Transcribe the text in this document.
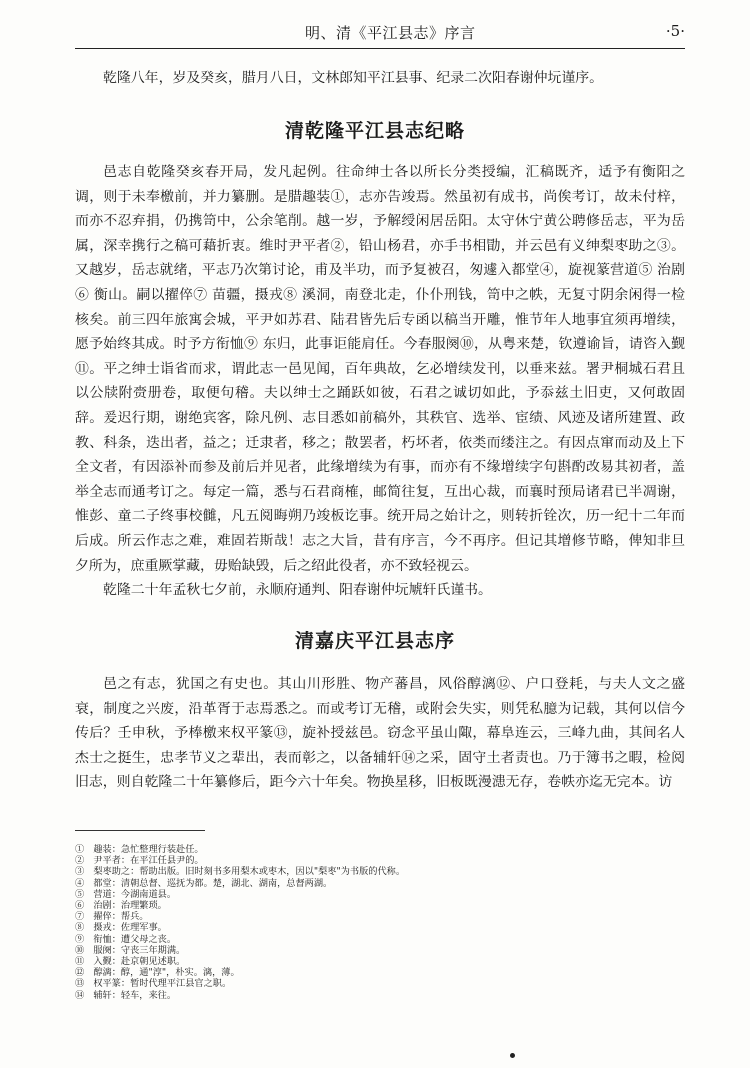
明、清《平江县志》序言	·5·

乾隆八年，岁及癸亥，腊月八日，文林郎知平江县事、纪录二次阳春谢仲坃谨序。

清乾隆平江县志纪略

邑志自乾隆癸亥春开局，发凡起例。往命绅士各以所长分类授编，汇稿既齐，适予有衡阳之调，则于未奉檄前，并力纂删。是腊趣装①，志亦告竣焉。然虽初有成书，尚俟考订，故未付梓，而亦不忍弃捐，仍携笥中，公余笔削。越一岁，予解绶闲居岳阳。太守休宁黄公聘修岳志，平为岳属，深幸携行之稿可藉折衷。维时尹平者②，铅山杨君，亦手书相勖，并云邑有义绅梨枣助之③。又越岁，岳志就绪，平志乃次第讨论，甫及半功，而予复被召，匆遽入都堂④，旋视篆营道⑤ 治剧⑥ 衡山。嗣以擢倅⑦ 苗疆，摄戎⑧ 溪洞，南登北走，仆仆刑钱，笥中之帙，无复寸阴余闲得一检核矣。前三四年旅寓会城，平尹如苏君、陆君皆先后专函以稿当开雕，惟节年人地事宜须再增续，愿予始终其成。时予方衔恤⑨ 东归，此事讵能肩任。今春服阕⑩，从粤来楚，钦遵谕旨，请咨入觐⑪。平之绅士诣省而求，谓此志一邑见闻，百年典故，乞必增续发刊，以垂来兹。署尹桐城石君且以公牍附赍册卷，取便句稽。夫以绅士之踊跃如彼，石君之诚切如此，予忝兹土旧吏，又何敢固辞。爰迟行期，谢绝宾客，除凡例、志目悉如前稿外，其秩官、选举、宦绩、风迹及诸所建置、政教、科条，迭出者，益之；迁隶者，移之；散罢者，朽坏者，依类而缕注之。有因点窜而动及上下全文者，有因添补而参及前后并见者，此缘增续为有事，而亦有不缘增续字句斟酌改易其初者，盖举全志而通考订之。每定一篇，悉与石君商榷，邮简往复，互出心裁，而襄时预局诸君已半凋谢，惟彭、童二子终事校雠，凡五阅晦朔乃竣板讫事。统开局之始计之，则转折铨次，历一纪十二年而后成。所云作志之难，难固若斯哉！志之大旨，昔有序言，今不再序。但记其增修节略，俾知非旦夕所为，庶重厥掌藏，毋贻缺毁，后之绍此役者，亦不致轻视云。

乾隆二十年孟秋七夕前，永顺府通判、阳春谢仲坃虓轩氏谨书。

清嘉庆平江县志序

邑之有志，犹国之有史也。其山川形胜、物产蕃昌，风俗醇漓⑫、户口登耗，与夫人文之盛衰，制度之兴废，沿革胥于志焉悉之。而或考订无稽，或附会失实，则凭私臆为记载，其何以信今传后？壬申秋，予棒檄来权平篆⑬，旋补授兹邑。窃念平虽山陬，幕阜连云，三峰九曲，其间名人杰士之挺生，忠孝节义之辈出，表而彰之，以备辅轩⑭之采，固守土者责也。乃于簿书之暇，检阅旧志，则自乾隆二十年纂修后，距今六十年矣。物换星移，旧板既漫漶无存，卷帙亦迄无完本。访

①　趣装：急忙整理行装赴任。
②　尹平者：在平江任县尹的。
③　梨枣助之：帮助出版。旧时刻书多用梨木或枣木，因以"梨枣"为书版的代称。
④　都堂：清朝总督、巡抚为都。楚，湖北、湖南，总督两湖。
⑤　营道：今湖南道县。
⑥　治剧：治理繁琐。
⑦　擢倅：帮兵。
⑧　摄戎：佐理军事。
⑨　衔恤：遭父母之丧。
⑩　服阕：守丧三年期满。
⑪　入觐：赴京朝见述职。
⑫　醇漓：醇，通"淳"，朴实。漓，薄。
⑬　权平篆：暂时代理平江县官之职。
⑭　辅轩：轻车，来往。
